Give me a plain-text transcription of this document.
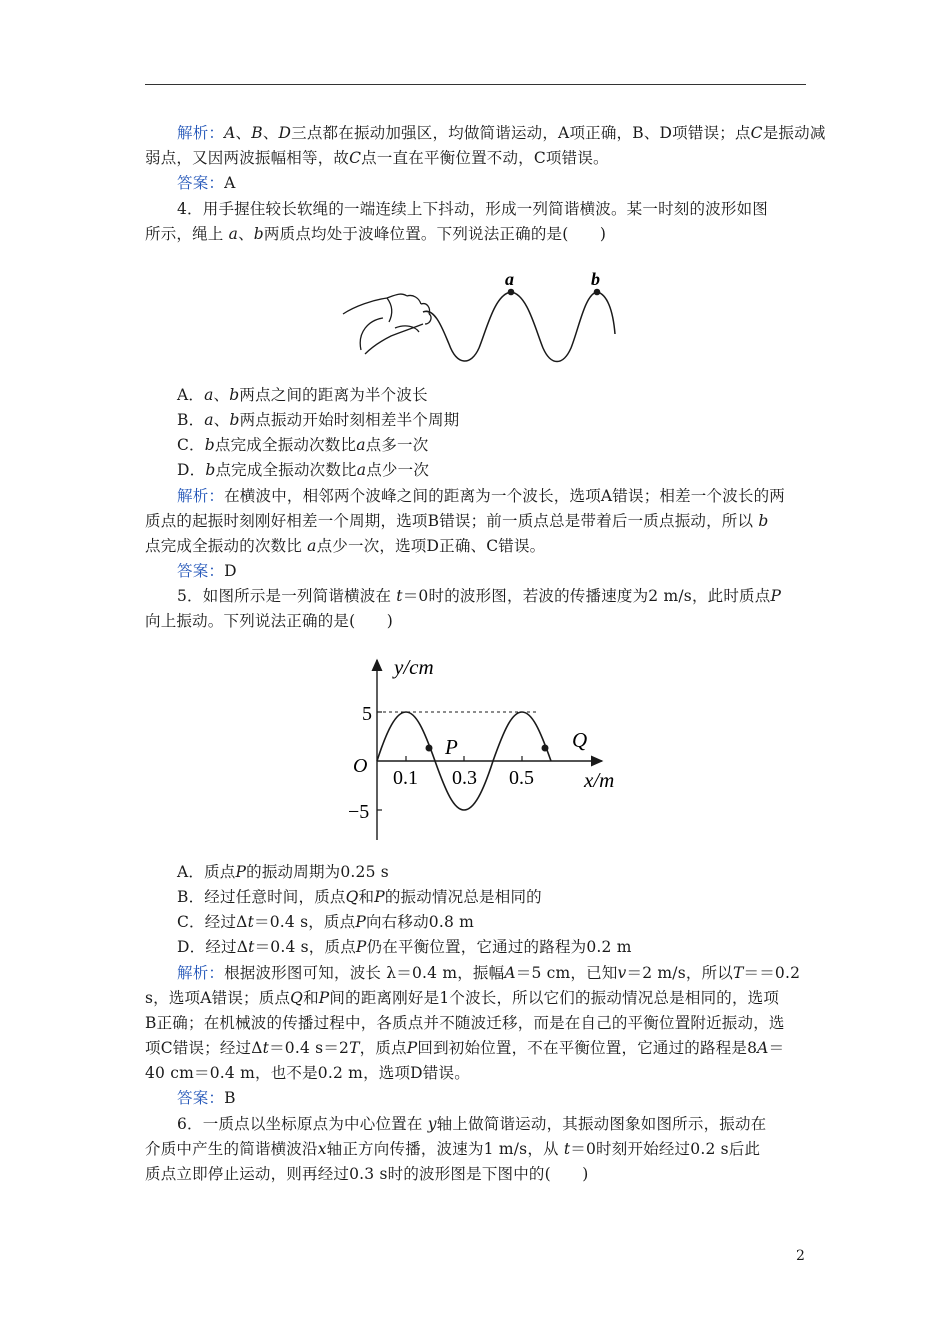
解析：A、B、D三点都在振动加强区，均做简谐运动，A项正确，B、D项错误；点C是振动减
弱点，又因两波振幅相等，故C点一直在平衡位置不动，C项错误。
答案：A
4．用手握住较长软绳的一端连续上下抖动，形成一列简谐横波。某一时刻的波形如图
所示，绳上 a、b两质点均处于波峰位置。下列说法正确的是(　　)
a	b
A．a、b两点之间的距离为半个波长
B．a、b两点振动开始时刻相差半个周期
C．b点完成全振动次数比a点多一次
D．b点完成全振动次数比a点少一次
解析：在横波中，相邻两个波峰之间的距离为一个波长，选项A错误；相差一个波长的两
质点的起振时刻刚好相差一个周期，选项B错误；前一质点总是带着后一质点振动，所以 b
点完成全振动的次数比 a点少一次，选项D正确、C错误。
答案：D
5．如图所示是一列简谐横波在 t＝0时的波形图，若波的传播速度为2 m/s，此时质点P
向上振动。下列说法正确的是(　　)
y/cm
x/m
O
5
−5
0.1 0.3 0.5
P	Q
A．质点P的振动周期为0.25 s
B．经过任意时间，质点Q和P的振动情况总是相同的
C．经过Δt＝0.4 s，质点P向右移动0.8 m
D．经过Δt＝0.4 s，质点P仍在平衡位置，它通过的路程为0.2 m
解析：根据波形图可知，波长 λ＝0.4 m，振幅A＝5 cm，已知v＝2 m/s，所以T＝＝0.2
s，选项A错误；质点Q和P间的距离刚好是1个波长，所以它们的振动情况总是相同的，选项
B正确；在机械波的传播过程中，各质点并不随波迁移，而是在自己的平衡位置附近振动，选
项C错误；经过Δt＝0.4 s＝2T，质点P回到初始位置，不在平衡位置，它通过的路程是8A＝
40 cm＝0.4 m，也不是0.2 m，选项D错误。
答案：B
6．一质点以坐标原点为中心位置在 y轴上做简谐运动，其振动图象如图所示，振动在
介质中产生的简谐横波沿x轴正方向传播，波速为1 m/s，从 t＝0时刻开始经过0.2 s后此
质点立即停止运动，则再经过0.3 s时的波形图是下图中的(　　)
2
